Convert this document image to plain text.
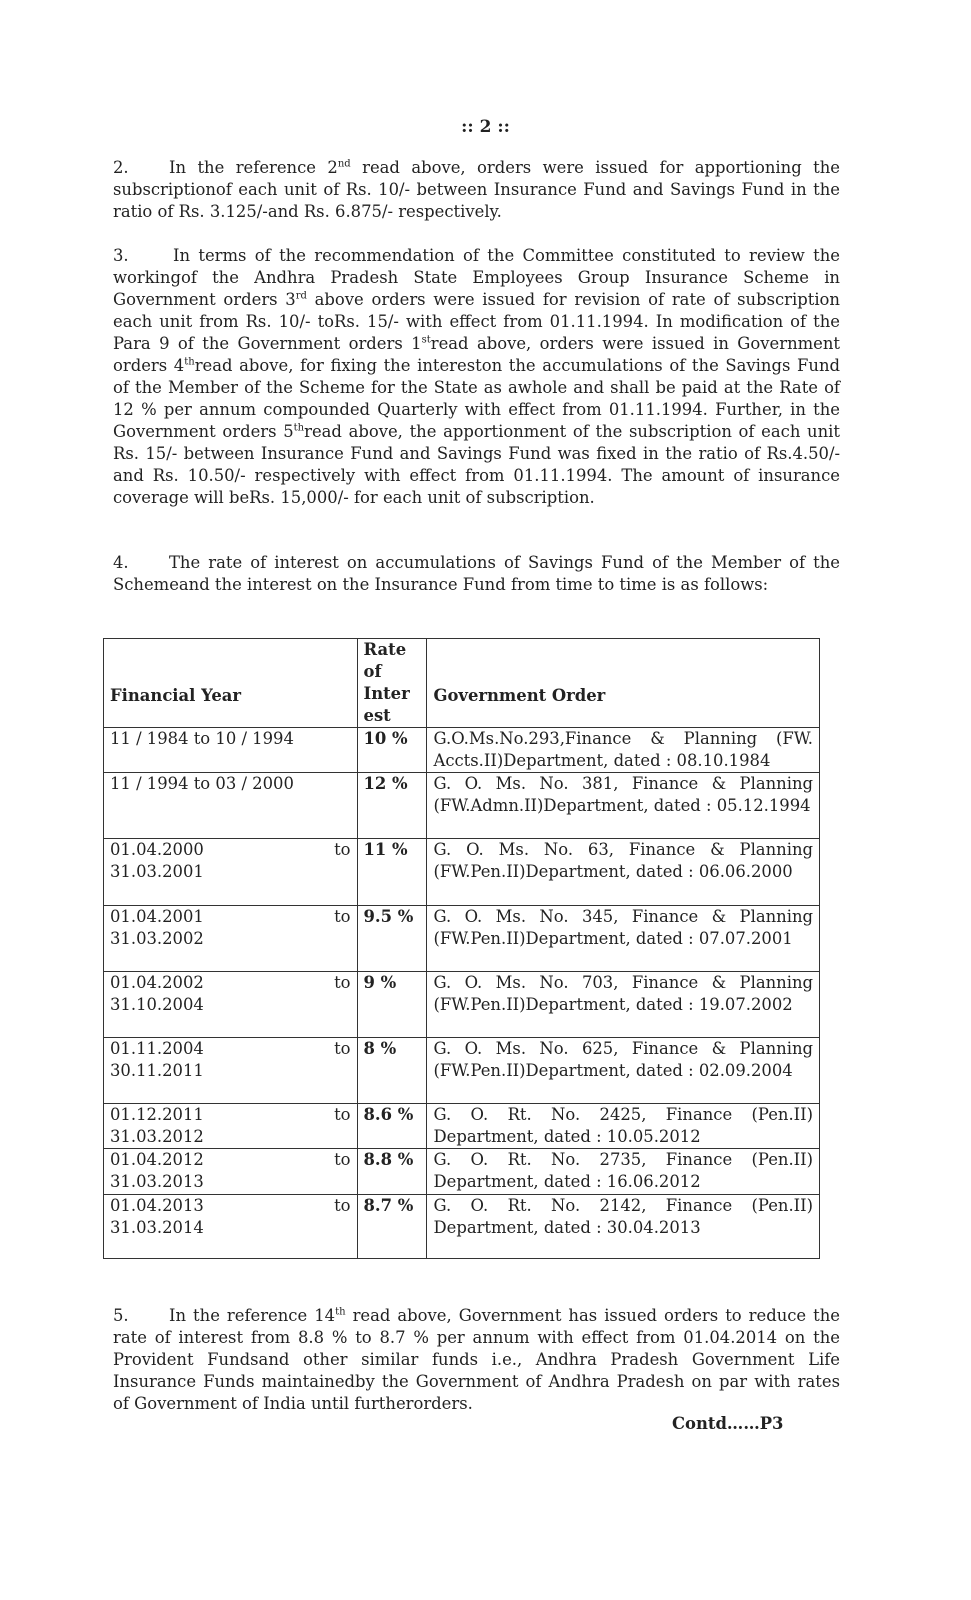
:: 2 ::

2. In the reference 2nd read above, orders were issued for apportioning the subscriptionof each unit of Rs. 10/- between Insurance Fund and Savings Fund in the ratio of Rs. 3.125/-and Rs. 6.875/- respectively.

3.	In terms of the recommendation of the Committee constituted to review the workingof the Andhra Pradesh State Employees Group Insurance Scheme in Government orders 3rd above orders were issued for revision of rate of subscription each unit from Rs. 10/- toRs. 15/- with effect from 01.11.1994. In modification of the Para 9 of the Government orders 1stread above, orders were issued in Government orders 4thread above, for fixing the intereston the accumulations of the Savings Fund of the Member of the Scheme for the State as awhole and shall be paid at the Rate of 12 % per annum compounded Quarterly with effect from 01.11.1994. Further, in the Government orders 5thread above, the apportionment of the subscription of each unit Rs. 15/- between Insurance Fund and Savings Fund was fixed in the ratio of Rs.4.50/- and Rs. 10.50/- respectively with effect from 01.11.1994. The amount of insurance coverage will beRs. 15,000/- for each unit of subscription.

4. The rate of interest on accumulations of Savings Fund of the Member of the Schemeand the interest on the Insurance Fund from time to time is as follows:

Financial Year	Rate of Inter est	Government Order

11 / 1984 to 10 / 1994	10 %	G.O.Ms.No.293,Finance & Planning (FW. Accts.II)Department, dated : 08.10.1984

11 / 1994 to 03 / 2000	12 %	G. O. Ms. No. 381, Finance & Planning (FW.Admn.II)Department, dated : 05.12.1994

01.04.2000 to
31.03.2001	11 %	G. O. Ms. No. 63, Finance & Planning (FW.Pen.II)Department, dated : 06.06.2000

01.04.2001 to
31.03.2002	9.5 %	G. O. Ms. No. 345, Finance & Planning (FW.Pen.II)Department, dated : 07.07.2001

01.04.2002 to
31.10.2004	9 %	G. O. Ms. No. 703, Finance & Planning (FW.Pen.II)Department, dated : 19.07.2002

01.11.2004 to
30.11.2011	8 %	G. O. Ms. No. 625, Finance & Planning (FW.Pen.II)Department, dated : 02.09.2004

01.12.2011 to
31.03.2012	8.6 %	G. O. Rt. No. 2425, Finance (Pen.II) Department, dated : 10.05.2012

01.04.2012 to
31.03.2013	8.8 %	G. O. Rt. No. 2735, Finance (Pen.II) Department, dated : 16.06.2012

01.04.2013 to
31.03.2014	8.7 %	G. O. Rt. No. 2142, Finance (Pen.II) Department, dated : 30.04.2013

5. In the reference 14th read above, Government has issued orders to reduce the rate of interest from 8.8 % to 8.7 % per annum with effect from 01.04.2014 on the Provident Fundsand other similar funds i.e., Andhra Pradesh Government Life Insurance Funds maintainedby the Government of Andhra Pradesh on par with rates of Government of India until furtherorders.

Contd……P3
